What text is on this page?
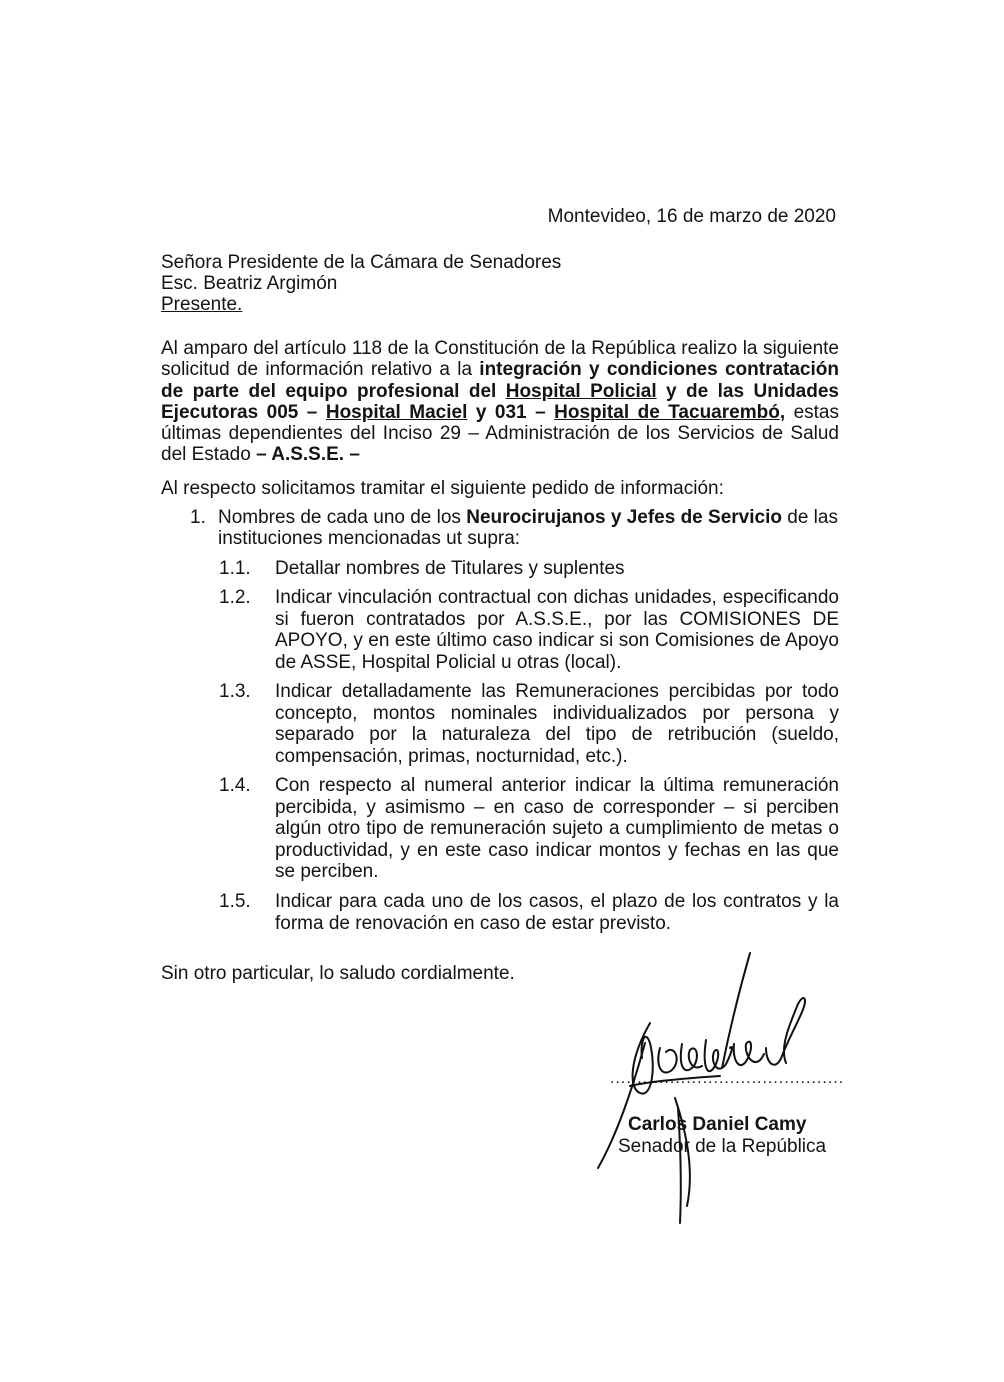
Montevideo, 16 de marzo de 2020
Señora Presidente de la Cámara de Senadores
Esc. Beatriz Argimón
Presente.
Al amparo del artículo 118 de la Constitución de la República realizo la siguiente solicitud de información relativo a la integración y condiciones contratación de parte del equipo profesional del Hospital Policial y de las Unidades Ejecutoras 005 – Hospital Maciel y 031 – Hospital de Tacuarembó, estas últimas dependientes del Inciso 29 – Administración de los Servicios de Salud del Estado – A.S.S.E. –
Al respecto solicitamos tramitar el siguiente pedido de información:
1. Nombres de cada uno de los Neurocirujanos y Jefes de Servicio de las instituciones mencionadas ut supra:
1.1. Detallar nombres de Titulares y suplentes
1.2. Indicar vinculación contractual con dichas unidades, especificando si fueron contratados por A.S.S.E., por las COMISIONES DE APOYO, y en este último caso indicar si son Comisiones de Apoyo de ASSE, Hospital Policial u otras (local).
1.3. Indicar detalladamente las Remuneraciones percibidas por todo concepto, montos nominales individualizados por persona y separado por la naturaleza del tipo de retribución (sueldo, compensación, primas, nocturnidad, etc.).
1.4. Con respecto al numeral anterior indicar la última remuneración percibida, y asimismo – en caso de corresponder – si perciben algún otro tipo de remuneración sujeto a cumplimiento de metas o productividad, y en este caso indicar montos y fechas en las que se perciben.
1.5. Indicar para cada uno de los casos, el plazo de los contratos y la forma de renovación en caso de estar previsto.
Sin otro particular, lo saludo cordialmente.
...........................................
Carlos Daniel Camy
Senador de la República
